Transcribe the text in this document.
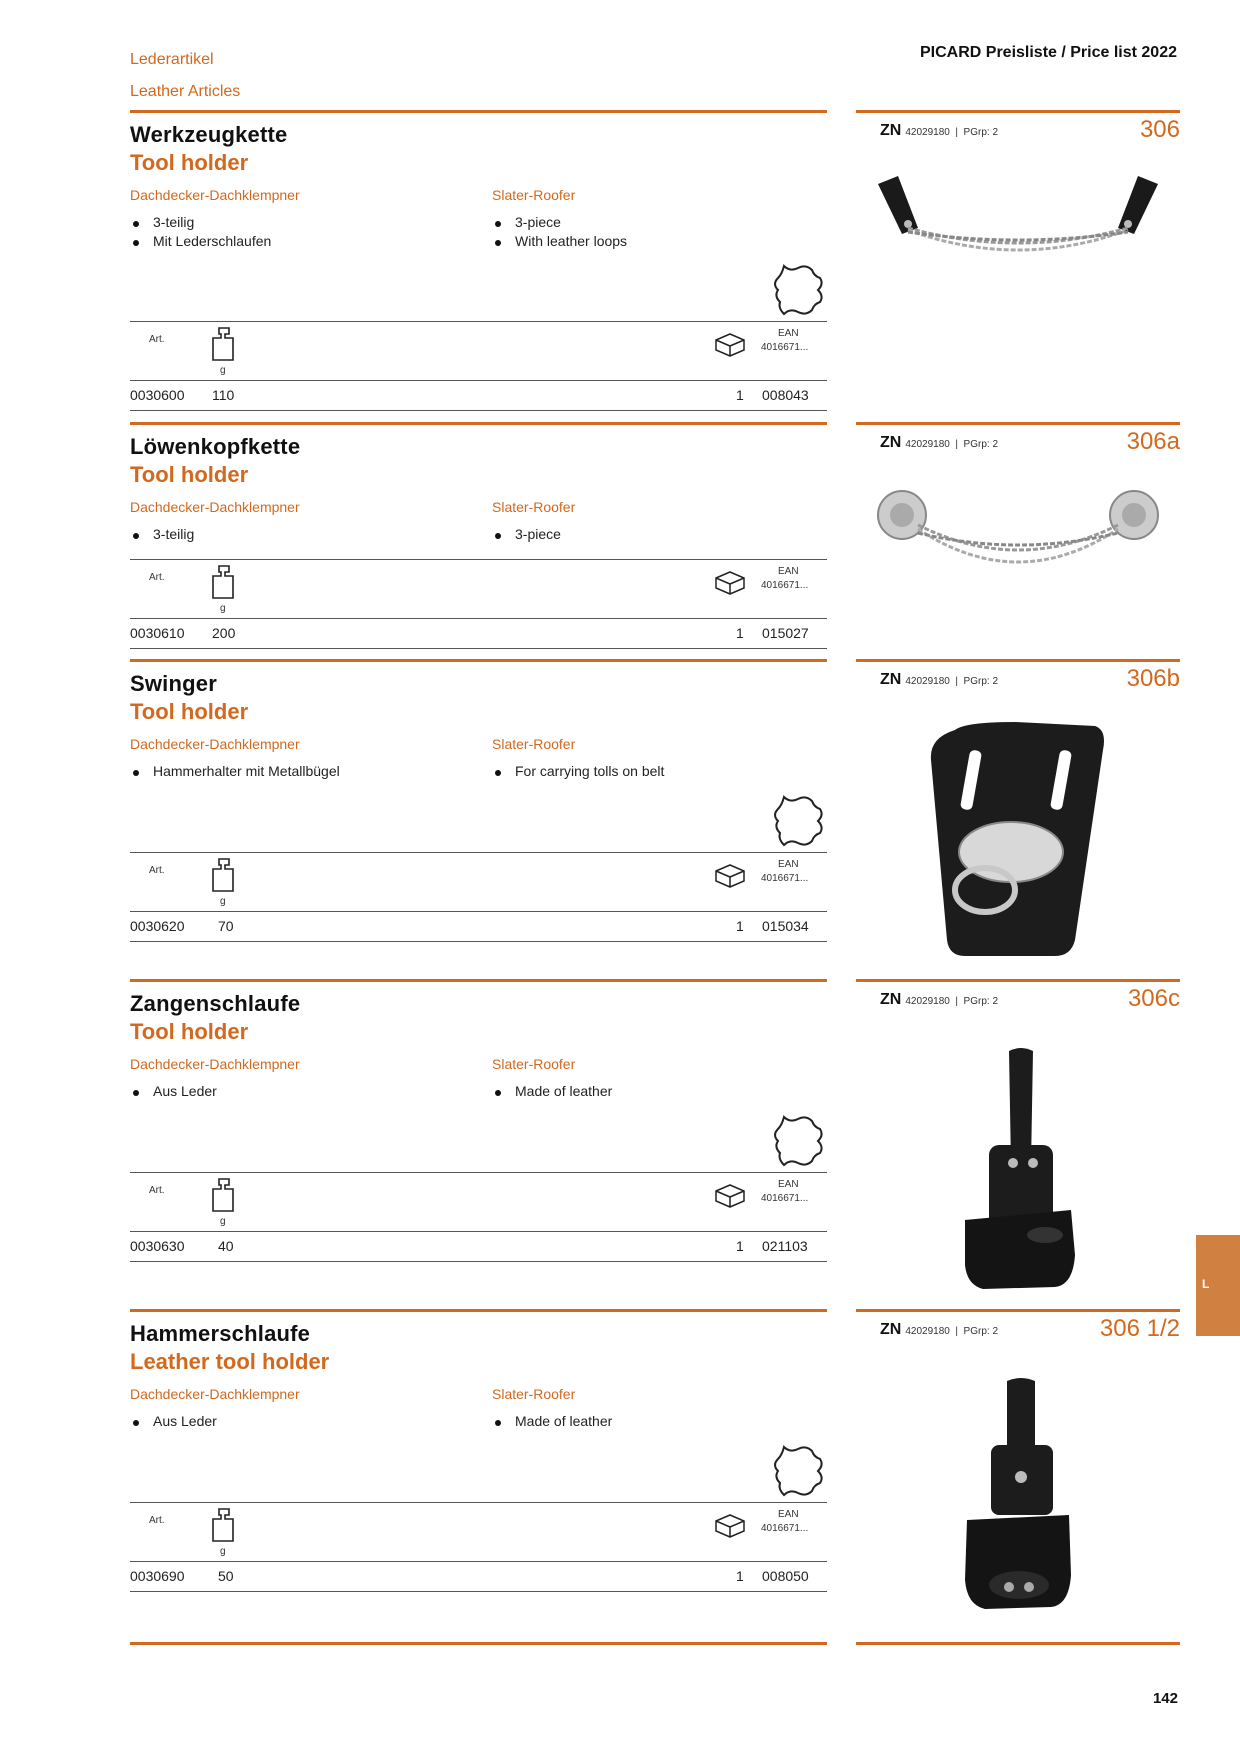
Lederartikel
Leather Articles
PICARD Preisliste / Price list 2022
Werkzeugkette
Tool holder
Dachdecker-Dachklempner	Slater-Roofer
3-teilig
Mit Lederschlaufen
3-piece
With leather loops
Art.
g
EAN
4016671...
0030600 110	1 008043
ZN 42029180  |  PGrp: 2	306
Löwenkopfkette
Tool holder
Dachdecker-Dachklempner	Slater-Roofer
3-teilig	3-piece
Art.
g
EAN
4016671...
0030610 200	1 015027
ZN 42029180  |  PGrp: 2	306a
Swinger
Tool holder
Dachdecker-Dachklempner	Slater-Roofer
Hammerhalter mit Metallbügel	For carrying tolls on belt
Art.
g
EAN
4016671...
0030620 70	1 015034
ZN 42029180  |  PGrp: 2	306b
Zangenschlaufe
Tool holder
Dachdecker-Dachklempner	Slater-Roofer
Aus Leder	Made of leather
Art.
g
EAN
4016671...
0030630 40	1 021103
ZN 42029180  |  PGrp: 2	306c
Hammerschlaufe
Leather tool holder
Dachdecker-Dachklempner	Slater-Roofer
Aus Leder	Made of leather
Art.
g
EAN
4016671...
0030690 50	1 008050
ZN 42029180  |  PGrp: 2	306 1/2
L
142
